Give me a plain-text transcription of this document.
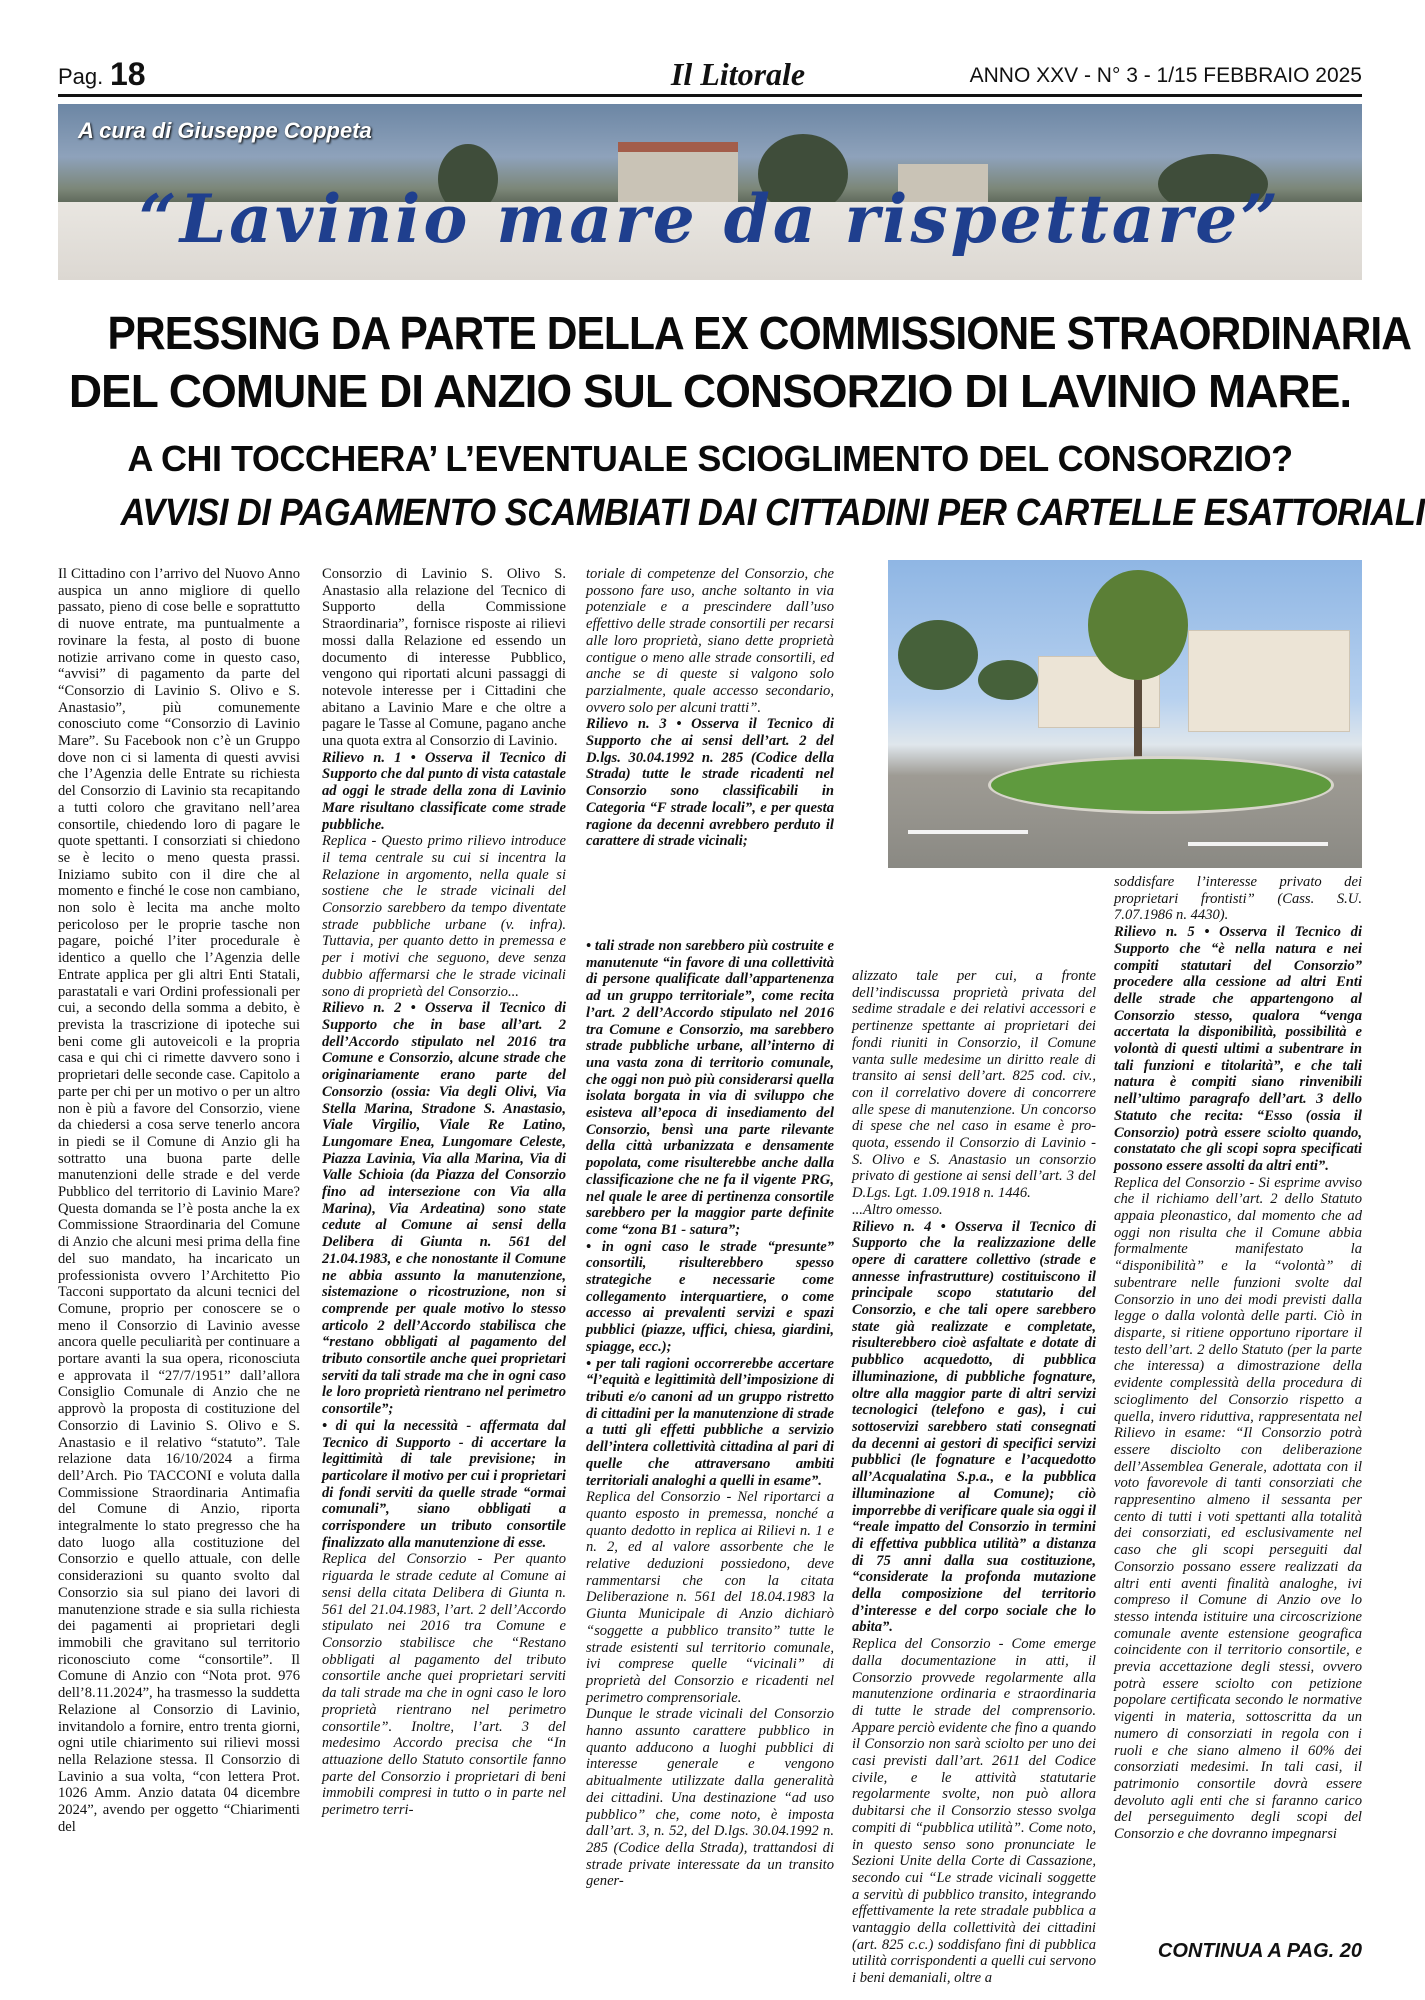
Pag. 18	Il Litorale	ANNO XXV - N° 3 - 1/15 FEBBRAIO 2025
A cura di Giuseppe Coppeta
“Lavinio mare da rispettare”
PRESSING DA PARTE DELLA EX COMMISSIONE STRAORDINARIA
DEL COMUNE DI ANZIO SUL CONSORZIO DI LAVINIO MARE.
A CHI TOCCHERA’ L’EVENTUALE SCIOGLIMENTO DEL CONSORZIO?
AVVISI DI PAGAMENTO SCAMBIATI DAI CITTADINI PER CARTELLE ESATTORIALI

Il Cittadino con l’arrivo del Nuovo Anno auspica un anno migliore di quello passato, pieno di cose belle e soprattutto di nuove entrate, ma puntualmente a rovinare la festa, al posto di buone notizie arrivano come in questo caso, “avvisi” di pagamento da parte del “Consorzio di Lavinio S. Olivo e S. Anastasio”, più comunemente conosciuto come “Consorzio di Lavinio Mare”. Su Facebook non c’è un Gruppo dove non ci si lamenta di questi avvisi che l’Agenzia delle Entrate su richiesta del Consorzio di Lavinio sta recapitando a tutti coloro che gravitano nell’area consortile, chiedendo loro di pagare le quote spettanti. I consorziati si chiedono se è lecito o meno questa prassi. Iniziamo subito con il dire che al momento e finché le cose non cambiano, non solo è lecita ma anche molto pericoloso per le proprie tasche non pagare, poiché l’iter procedurale è identico a quello che l’Agenzia delle Entrate applica per gli altri Enti Statali, parastatali e vari Ordini professionali per cui, a secondo della somma a debito, è prevista la trascrizione di ipoteche sui beni come gli autoveicoli e la propria casa e qui chi ci rimette davvero sono i proprietari delle seconde case. Capitolo a parte per chi per un motivo o per un altro non è più a favore del Consorzio, viene da chiedersi a cosa serve tenerlo ancora in piedi se il Comune di Anzio gli ha sottratto una buona parte delle manutenzioni delle strade e del verde Pubblico del territorio di Lavinio Mare? Questa domanda se l’è posta anche la ex Commissione Straordinaria del Comune di Anzio che alcuni mesi prima della fine del suo mandato, ha incaricato un professionista ovvero l’Architetto Pio Tacconi supportato da alcuni tecnici del Comune, proprio per conoscere se o meno il Consorzio di Lavinio avesse ancora quelle peculiarità per continuare a portare avanti la sua opera, riconosciuta e approvata il “27/7/1951” dall’allora Consiglio Comunale di Anzio che ne approvò la proposta di costituzione del Consorzio di Lavinio S. Olivo e S. Anastasio e il relativo “statuto”. Tale relazione data 16/10/2024 a firma dell’Arch. Pio TACCONI e voluta dalla Commissione Straordinaria Antimafia del Comune di Anzio, riporta integralmente lo stato pregresso che ha dato luogo alla costituzione del Consorzio e quello attuale, con delle considerazioni su quanto svolto dal Consorzio sia sul piano dei lavori di manutenzione strade e sia sulla richiesta dei pagamenti ai proprietari degli immobili che gravitano sul territorio riconosciuto come “consortile”. Il Comune di Anzio con “Nota prot. 976 dell’8.11.2024”, ha trasmesso la suddetta Relazione al Consorzio di Lavinio, invitandolo a fornire, entro trenta giorni, ogni utile chiarimento sui rilievi mossi nella Relazione stessa. Il Consorzio di Lavinio a sua volta, “con lettera Prot. 1026 Amm. Anzio datata 04 dicembre 2024”, avendo per oggetto “Chiarimenti del

Consorzio di Lavinio S. Olivo S. Anastasio alla relazione del Tecnico di Supporto della Commissione Straordinaria”, fornisce risposte ai rilievi mossi dalla Relazione ed essendo un documento di interesse Pubblico, vengono qui riportati alcuni passaggi di notevole interesse per i Cittadini che abitano a Lavinio Mare e che oltre a pagare le Tasse al Comune, pagano anche una quota extra al Consorzio di Lavinio.

Rilievo n. 1 • Osserva il Tecnico di Supporto che dal punto di vista catastale ad oggi le strade della zona di Lavinio Mare risultano classificate come strade pubbliche.

Replica - Questo primo rilievo introduce il tema centrale su cui si incentra la Relazione in argomento, nella quale si sostiene che le strade vicinali del Consorzio sarebbero da tempo diventate strade pubbliche urbane (v. infra). Tuttavia, per quanto detto in premessa e per i motivi che seguono, deve senza dubbio affermarsi che le strade vicinali sono di proprietà del Consorzio...

Rilievo n. 2 • Osserva il Tecnico di Supporto che in base all’art. 2 dell’Accordo stipulato nel 2016 tra Comune e Consorzio, alcune strade che originariamente erano parte del Consorzio (ossia: Via degli Olivi, Via Stella Marina, Stradone S. Anastasio, Viale Virgilio, Viale Re Latino, Lungomare Enea, Lungomare Celeste, Piazza Lavinia, Via alla Marina, Via di Valle Schioia (da Piazza del Consorzio fino ad intersezione con Via alla Marina), Via Ardeatina) sono state cedute al Comune ai sensi della Delibera di Giunta n. 561 del 21.04.1983, e che nonostante il Comune ne abbia assunto la manutenzione, sistemazione o ricostruzione, non si comprende per quale motivo lo stesso articolo 2 dell’Accordo stabilisca che “restano obbligati al pagamento del tributo consortile anche quei proprietari serviti da tali strade ma che in ogni caso le loro proprietà rientrano nel perimetro consortile”;

• di qui la necessità - affermata dal Tecnico di Supporto - di accertare la legittimità di tale previsione; in particolare il motivo per cui i proprietari di fondi serviti da quelle strade “ormai comunali”, siano obbligati a corrispondere un tributo consortile finalizzato alla manutenzione di esse.

Replica del Consorzio - Per quanto riguarda le strade cedute al Comune ai sensi della citata Delibera di Giunta n. 561 del 21.04.1983, l’art. 2 dell’Accordo stipulato nei 2016 tra Comune e Consorzio stabilisce che “Restano obbligati al pagamento del tributo consortile anche quei proprietari serviti da tali strade ma che in ogni caso le loro proprietà rientrano nel perimetro consortile”. Inoltre, l’art. 3 del medesimo Accordo precisa che “In attuazione dello Statuto consortile fanno parte del Consorzio i proprietari di beni immobili compresi in tutto o in parte nel perimetro terri-

toriale di competenze del Consorzio, che possono fare uso, anche soltanto in via potenziale e a prescindere dall’uso effettivo delle strade consortili per recarsi alle loro proprietà, siano dette proprietà contigue o meno alle strade consortili, ed anche se di queste si valgono solo parzialmente, quale accesso secondario, ovvero solo per alcuni tratti”.

Rilievo n. 3 • Osserva il Tecnico di Supporto che ai sensi dell’art. 2 del D.lgs. 30.04.1992 n. 285 (Codice della Strada) tutte le strade ricadenti nel Consorzio sono classificabili in Categoria “F strade locali”, e per questa ragione da decenni avrebbero perduto il carattere di strade vicinali;

• tali strade non sarebbero più costruite e manutenute “in favore di una collettività di persone qualificate dall’appartenenza ad un gruppo territoriale”, come recita l’art. 2 dell’Accordo stipulato nel 2016 tra Comune e Consorzio, ma sarebbero strade pubbliche urbane, all’interno di una vasta zona di territorio comunale, che oggi non può più considerarsi quella isolata borgata in via di sviluppo che esisteva all’epoca di insediamento del Consorzio, bensì una parte rilevante della città urbanizzata e densamente popolata, come risulterebbe anche dalla classificazione che ne fa il vigente PRG, nel quale le aree di pertinenza consortile sarebbero per la maggior parte definite come “zona B1 - satura”;

• in ogni caso le strade “presunte” consortili, risulterebbero spesso strategiche e necessarie come collegamento interquartiere, o come accesso ai prevalenti servizi e spazi pubblici (piazze, uffici, chiesa, giardini, spiagge, ecc.);

• per tali ragioni occorrerebbe accertare “l’equità e legittimità dell’imposizione di tributi e/o canoni ad un gruppo ristretto di cittadini per la manutenzione di strade a tutti gli effetti pubbliche a servizio dell’intera collettività cittadina al pari di quelle che attraversano ambiti territoriali analoghi a quelli in esame”.

Replica del Consorzio - Nel riportarci a quanto esposto in premessa, nonché a quanto dedotto in replica ai Rilievi n. 1 e n. 2, ed al valore assorbente che le relative deduzioni possiedono, deve rammentarsi che con la citata Deliberazione n. 561 del 18.04.1983 la Giunta Municipale di Anzio dichiarò “soggette a pubblico transito” tutte le strade esistenti sul territorio comunale, ivi comprese quelle “vicinali” di proprietà del Consorzio e ricadenti nel perimetro comprensoriale.

Dunque le strade vicinali del Consorzio hanno assunto carattere pubblico in quanto adducono a luoghi pubblici di interesse generale e vengono abitualmente utilizzate dalla generalità dei cittadini. Una destinazione “ad uso pubblico” che, come noto, è imposta dall’art. 3, n. 52, del D.lgs. 30.04.1992 n. 285 (Codice della Strada), trattandosi di strade private interessate da un transito gener-

alizzato tale per cui, a fronte dell’indiscussa proprietà privata del sedime stradale e dei relativi accessori e pertinenze spettante ai proprietari dei fondi riuniti in Consorzio, il Comune vanta sulle medesime un diritto reale di transito ai sensi dell’art. 825 cod. civ., con il correlativo dovere di concorrere alle spese di manutenzione. Un concorso di spese che nel caso in esame è pro-quota, essendo il Consorzio di Lavinio - S. Olivo e S. Anastasio un consorzio privato di gestione ai sensi dell’art. 3 del D.Lgs. Lgt. 1.09.1918 n. 1446.

...Altro omesso.

Rilievo n. 4 • Osserva il Tecnico di Supporto che la realizzazione delle opere di carattere collettivo (strade e annesse infrastrutture) costituiscono il principale scopo statutario del Consorzio, e che tali opere sarebbero state già realizzate e completate, risulterebbero cioè asfaltate e dotate di pubblico acquedotto, di pubblica illuminazione, di pubbliche fognature, oltre alla maggior parte di altri servizi tecnologici (telefono e gas), i cui sottoservizi sarebbero stati consegnati da decenni ai gestori di specifici servizi pubblici (le fognature e l’acquedotto all’Acqualatina S.p.a., e la pubblica illuminazione al Comune); ciò imporrebbe di verificare quale sia oggi il “reale impatto del Consorzio in termini di effettiva pubblica utilità” a distanza di 75 anni dalla sua costituzione, “considerate la profonda mutazione della composizione del territorio d’interesse e del corpo sociale che lo abita”.

Replica del Consorzio - Come emerge dalla documentazione in atti, il Consorzio provvede regolarmente alla manutenzione ordinaria e straordinaria di tutte le strade del comprensorio. Appare perciò evidente che fino a quando il Consorzio non sarà sciolto per uno dei casi previsti dall’art. 2611 del Codice civile, e le attività statutarie regolarmente svolte, non può allora dubitarsi che il Consorzio stesso svolga compiti di “pubblica utilità”. Come noto, in questo senso sono pronunciate le Sezioni Unite della Corte di Cassazione, secondo cui “Le strade vicinali soggette a servitù di pubblico transito, integrando effettivamente la rete stradale pubblica a vantaggio della collettività dei cittadini (art. 825 c.c.) soddisfano fini di pubblica utilità corrispondenti a quelli cui servono i beni demaniali, oltre a

soddisfare l’interesse privato dei proprietari frontisti” (Cass. S.U. 7.07.1986 n. 4430).

Rilievo n. 5 • Osserva il Tecnico di Supporto che “è nella natura e nei compiti statutari del Consorzio” procedere alla cessione ad altri Enti delle strade che appartengono al Consorzio stesso, qualora “venga accertata la disponibilità, possibilità e volontà di questi ultimi a subentrare in tali funzioni e titolarità”, e che tali natura è compiti siano rinvenibili nell’ultimo paragrafo dell’art. 3 dello Statuto che recita: “Esso (ossia il Consorzio) potrà essere sciolto quando, constatato che gli scopi sopra specificati possono essere assolti da altri enti”.

Replica del Consorzio - Si esprime avviso che il richiamo dell’art. 2 dello Statuto appaia pleonastico, dal momento che ad oggi non risulta che il Comune abbia formalmente manifestato la “disponibilità” e la “volontà” di subentrare nelle funzioni svolte dal Consorzio in uno dei modi previsti dalla legge o dalla volontà delle parti. Ciò in disparte, si ritiene opportuno riportare il testo dell’art. 2 dello Statuto (per la parte che interessa) a dimostrazione della evidente complessità della procedura di scioglimento del Consorzio rispetto a quella, invero riduttiva, rappresentata nel Rilievo in esame: “Il Consorzio potrà essere disciolto con deliberazione dell’Assemblea Generale, adottata con il voto favorevole di tanti consorziati che rappresentino almeno il sessanta per cento di tutti i voti spettanti alla totalità dei consorziati, ed esclusivamente nel caso che gli scopi perseguiti dal Consorzio possano essere realizzati da altri enti aventi finalità analoghe, ivi compreso il Comune di Anzio ove lo stesso intenda istituire una circoscrizione comunale avente estensione geografica coincidente con il territorio consortile, e previa accettazione degli stessi, ovvero potrà essere sciolto con petizione popolare certificata secondo le normative vigenti in materia, sottoscritta da un numero di consorziati in regola con i ruoli e che siano almeno il 60% dei consorziati medesimi. In tali casi, il patrimonio consortile dovrà essere devoluto agli enti che si faranno carico del perseguimento degli scopi del Consorzio e che dovranno impegnarsi

CONTINUA A PAG. 20
